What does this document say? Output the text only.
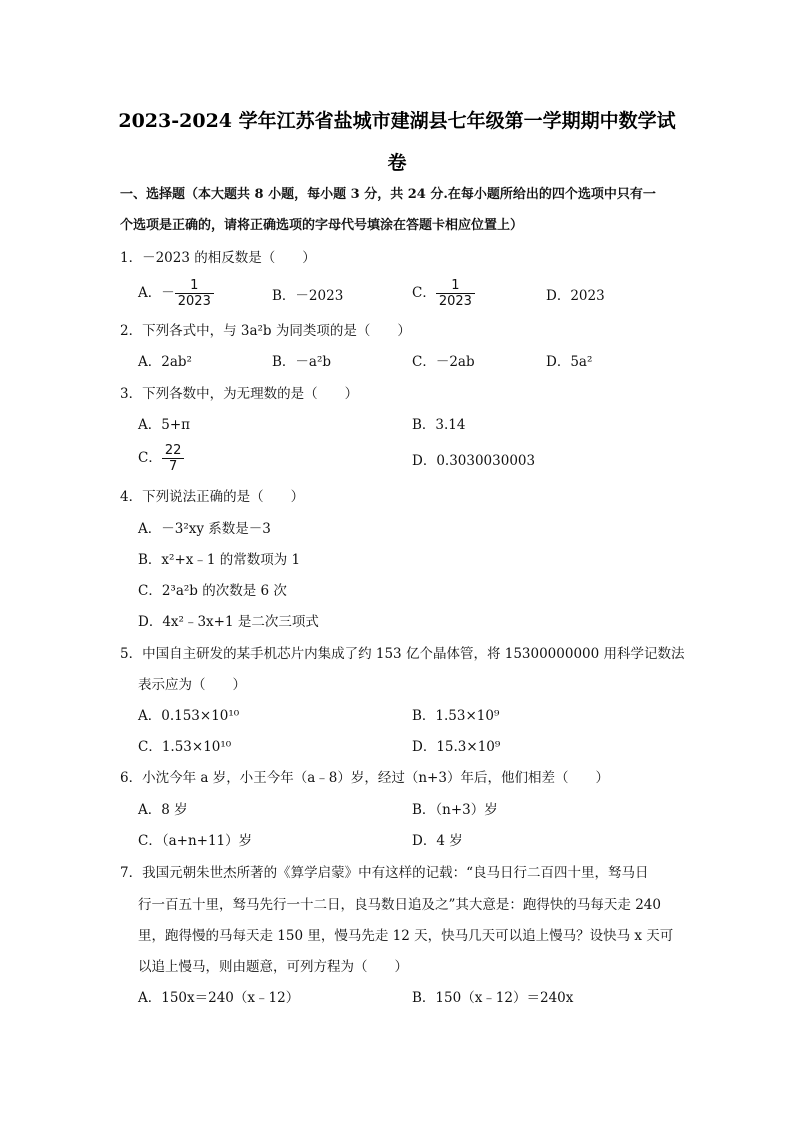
2023-2024 学年江苏省盐城市建湖县七年级第一学期期中数学试
卷
一、选择题（本大题共 8 小题，每小题 3 分，共 24 分.在每小题所给出的四个选项中只有一
个选项是正确的，请将正确选项的字母代号填涂在答题卡相应位置上）
1．－2023 的相反数是（　　）
A．－ $\frac{1}{2023}$	B．－2023	C． $\frac{1}{2023}$	D．2023
2．下列各式中，与 3a²b 为同类项的是（　　）
A．2ab²	B．－a²b	C．－2ab	D．5a²
3．下列各数中，为无理数的是（　　）
A．5+π	B．3.14
C． $\frac{22}{7}$	D．0.3030030003
4．下列说法正确的是（　　）
A．－3²xy 系数是－3
B．x²+x﹣1 的常数项为 1
C．2³a²b 的次数是 6 次
D．4x²﹣3x+1 是二次三项式
5．中国自主研发的某手机芯片内集成了约 153 亿个晶体管，将 15300000000 用科学记数法
表示应为（　　）
A．0.153×10¹⁰	B．1.53×10⁹
C．1.53×10¹⁰	D．15.3×10⁹
6．小沈今年 a 岁，小王今年（a﹣8）岁，经过（n+3）年后，他们相差（　　）
A．8 岁	B．（n+3）岁
C．（a+n+11）岁	D．4 岁
7．我国元朝朱世杰所著的《算学启蒙》中有这样的记载：“良马日行二百四十里，驽马日
行一百五十里，驽马先行一十二日，良马数日追及之”其大意是：跑得快的马每天走 240
里，跑得慢的马每天走 150 里，慢马先走 12 天，快马几天可以追上慢马？设快马 x 天可
以追上慢马，则由题意，可列方程为（　　）
A．150x＝240（x﹣12）	B．150（x﹣12）＝240x
